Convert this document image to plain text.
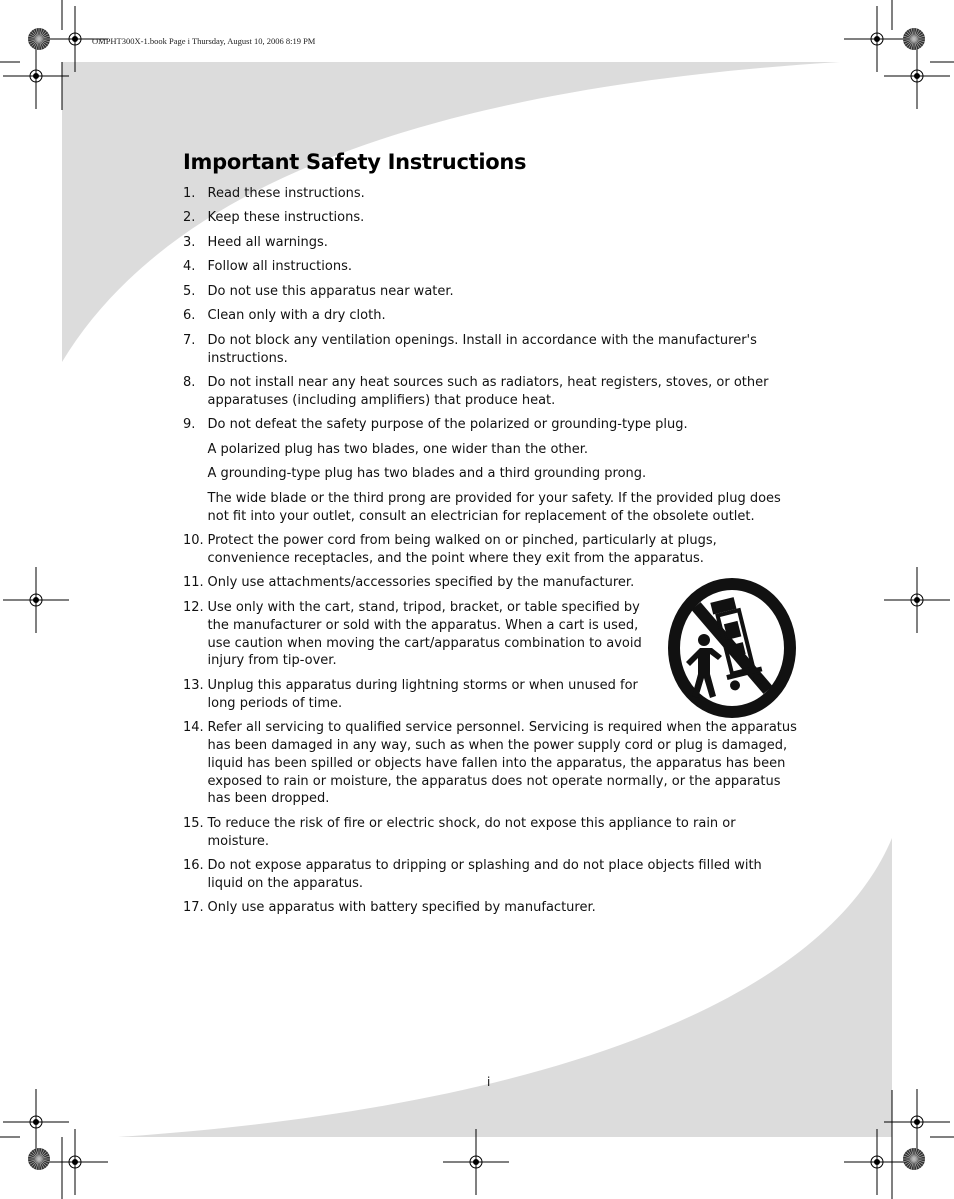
OMPHT300X-1.book Page i Thursday, August 10, 2006 8:19 PM
Important Safety Instructions
1. Read these instructions.
2. Keep these instructions.
3. Heed all warnings.
4. Follow all instructions.
5. Do not use this apparatus near water.
6. Clean only with a dry cloth.
7. Do not block any ventilation openings. Install in accordance with the manufacturer's instructions.
8. Do not install near any heat sources such as radiators, heat registers, stoves, or other apparatuses (including amplifiers) that produce heat.
9. Do not defeat the safety purpose of the polarized or grounding-type plug.
A polarized plug has two blades, one wider than the other.
A grounding-type plug has two blades and a third grounding prong.
The wide blade or the third prong are provided for your safety. If the provided plug does not fit into your outlet, consult an electrician for replacement of the obsolete outlet.
10. Protect the power cord from being walked on or pinched, particularly at plugs, convenience receptacles, and the point where they exit from the apparatus.
11. Only use attachments/accessories specified by the manufacturer.
12. Use only with the cart, stand, tripod, bracket, or table specified by the manufacturer or sold with the apparatus. When a cart is used, use caution when moving the cart/apparatus combination to avoid injury from tip-over.
13. Unplug this apparatus during lightning storms or when unused for long periods of time.
14. Refer all servicing to qualified service personnel. Servicing is required when the apparatus has been damaged in any way, such as when the power supply cord or plug is damaged, liquid has been spilled or objects have fallen into the apparatus, the apparatus has been exposed to rain or moisture, the apparatus does not operate normally, or the apparatus has been dropped.
15. To reduce the risk of fire or electric shock, do not expose this appliance to rain or moisture.
16. Do not expose apparatus to dripping or splashing and do not place objects filled with liquid on the apparatus.
17. Only use apparatus with battery specified by manufacturer.
i
